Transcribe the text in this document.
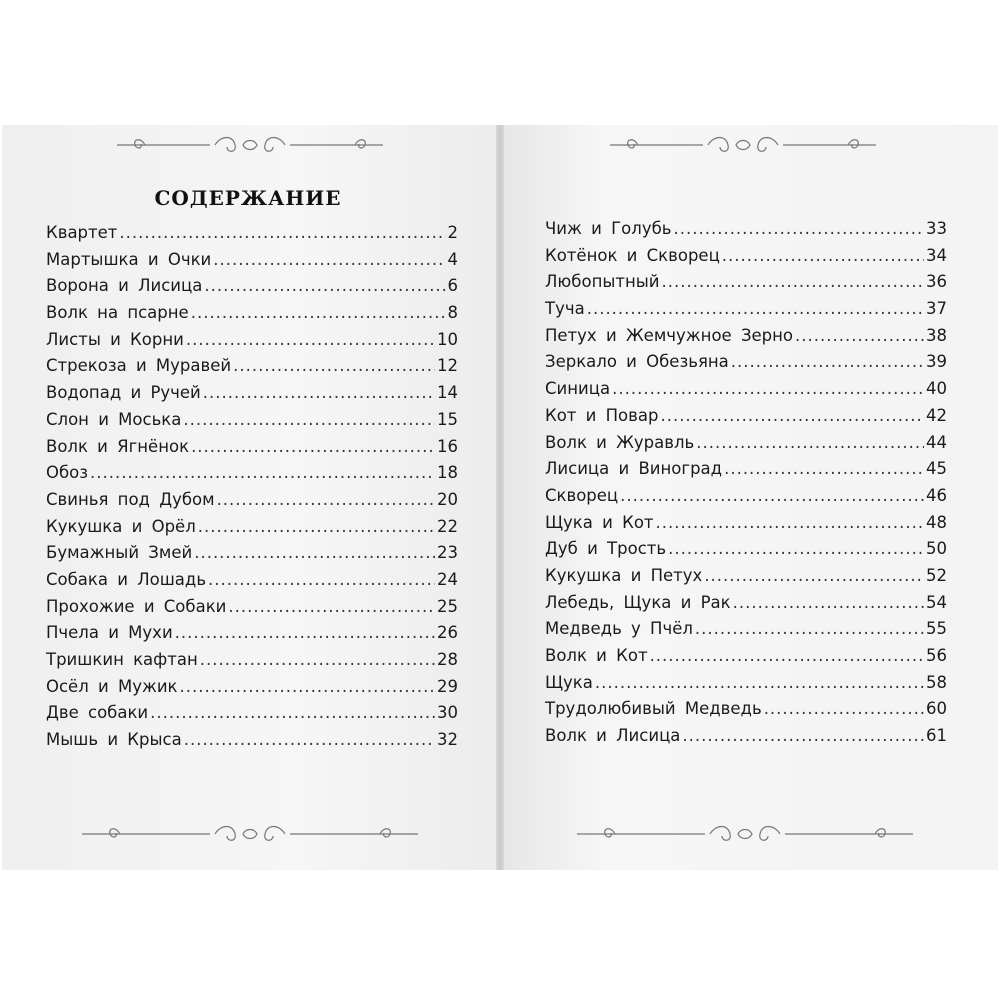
СОДЕРЖАНИЕ
Квартет .....	2
Мартышка и Очки .....	4
Ворона и Лисица .....	6
Волк на псарне .....	8
Листы и Корни .....	10
Стрекоза и Муравей .....	12
Водопад и Ручей .....	14
Слон и Моська .....	15
Волк и Ягнёнок .....	16
Обоз .....	18
Свинья под Дубом .....	20
Кукушка и Орёл .....	22
Бумажный Змей .....	23
Собака и Лошадь .....	24
Прохожие и Собаки .....	25
Пчела и Мухи .....	26
Тришкин кафтан .....	28
Осёл и Мужик .....	29
Две собаки .....	30
Мышь и Крыса .....	32
Чиж и Голубь .....	33
Котёнок и Скворец .....	34
Любопытный .....	36
Туча .....	37
Петух и Жемчужное Зерно .....	38
Зеркало и Обезьяна .....	39
Синица .....	40
Кот и Повар .....	42
Волк и Журавль .....	44
Лисица и Виноград .....	45
Скворец .....	46
Щука и Кот .....	48
Дуб и Трость .....	50
Кукушка и Петух .....	52
Лебедь, Щука и Рак .....	54
Медведь у Пчёл .....	55
Волк и Кот .....	56
Щука .....	58
Трудолюбивый Медведь .....	60
Волк и Лисица .....	61
